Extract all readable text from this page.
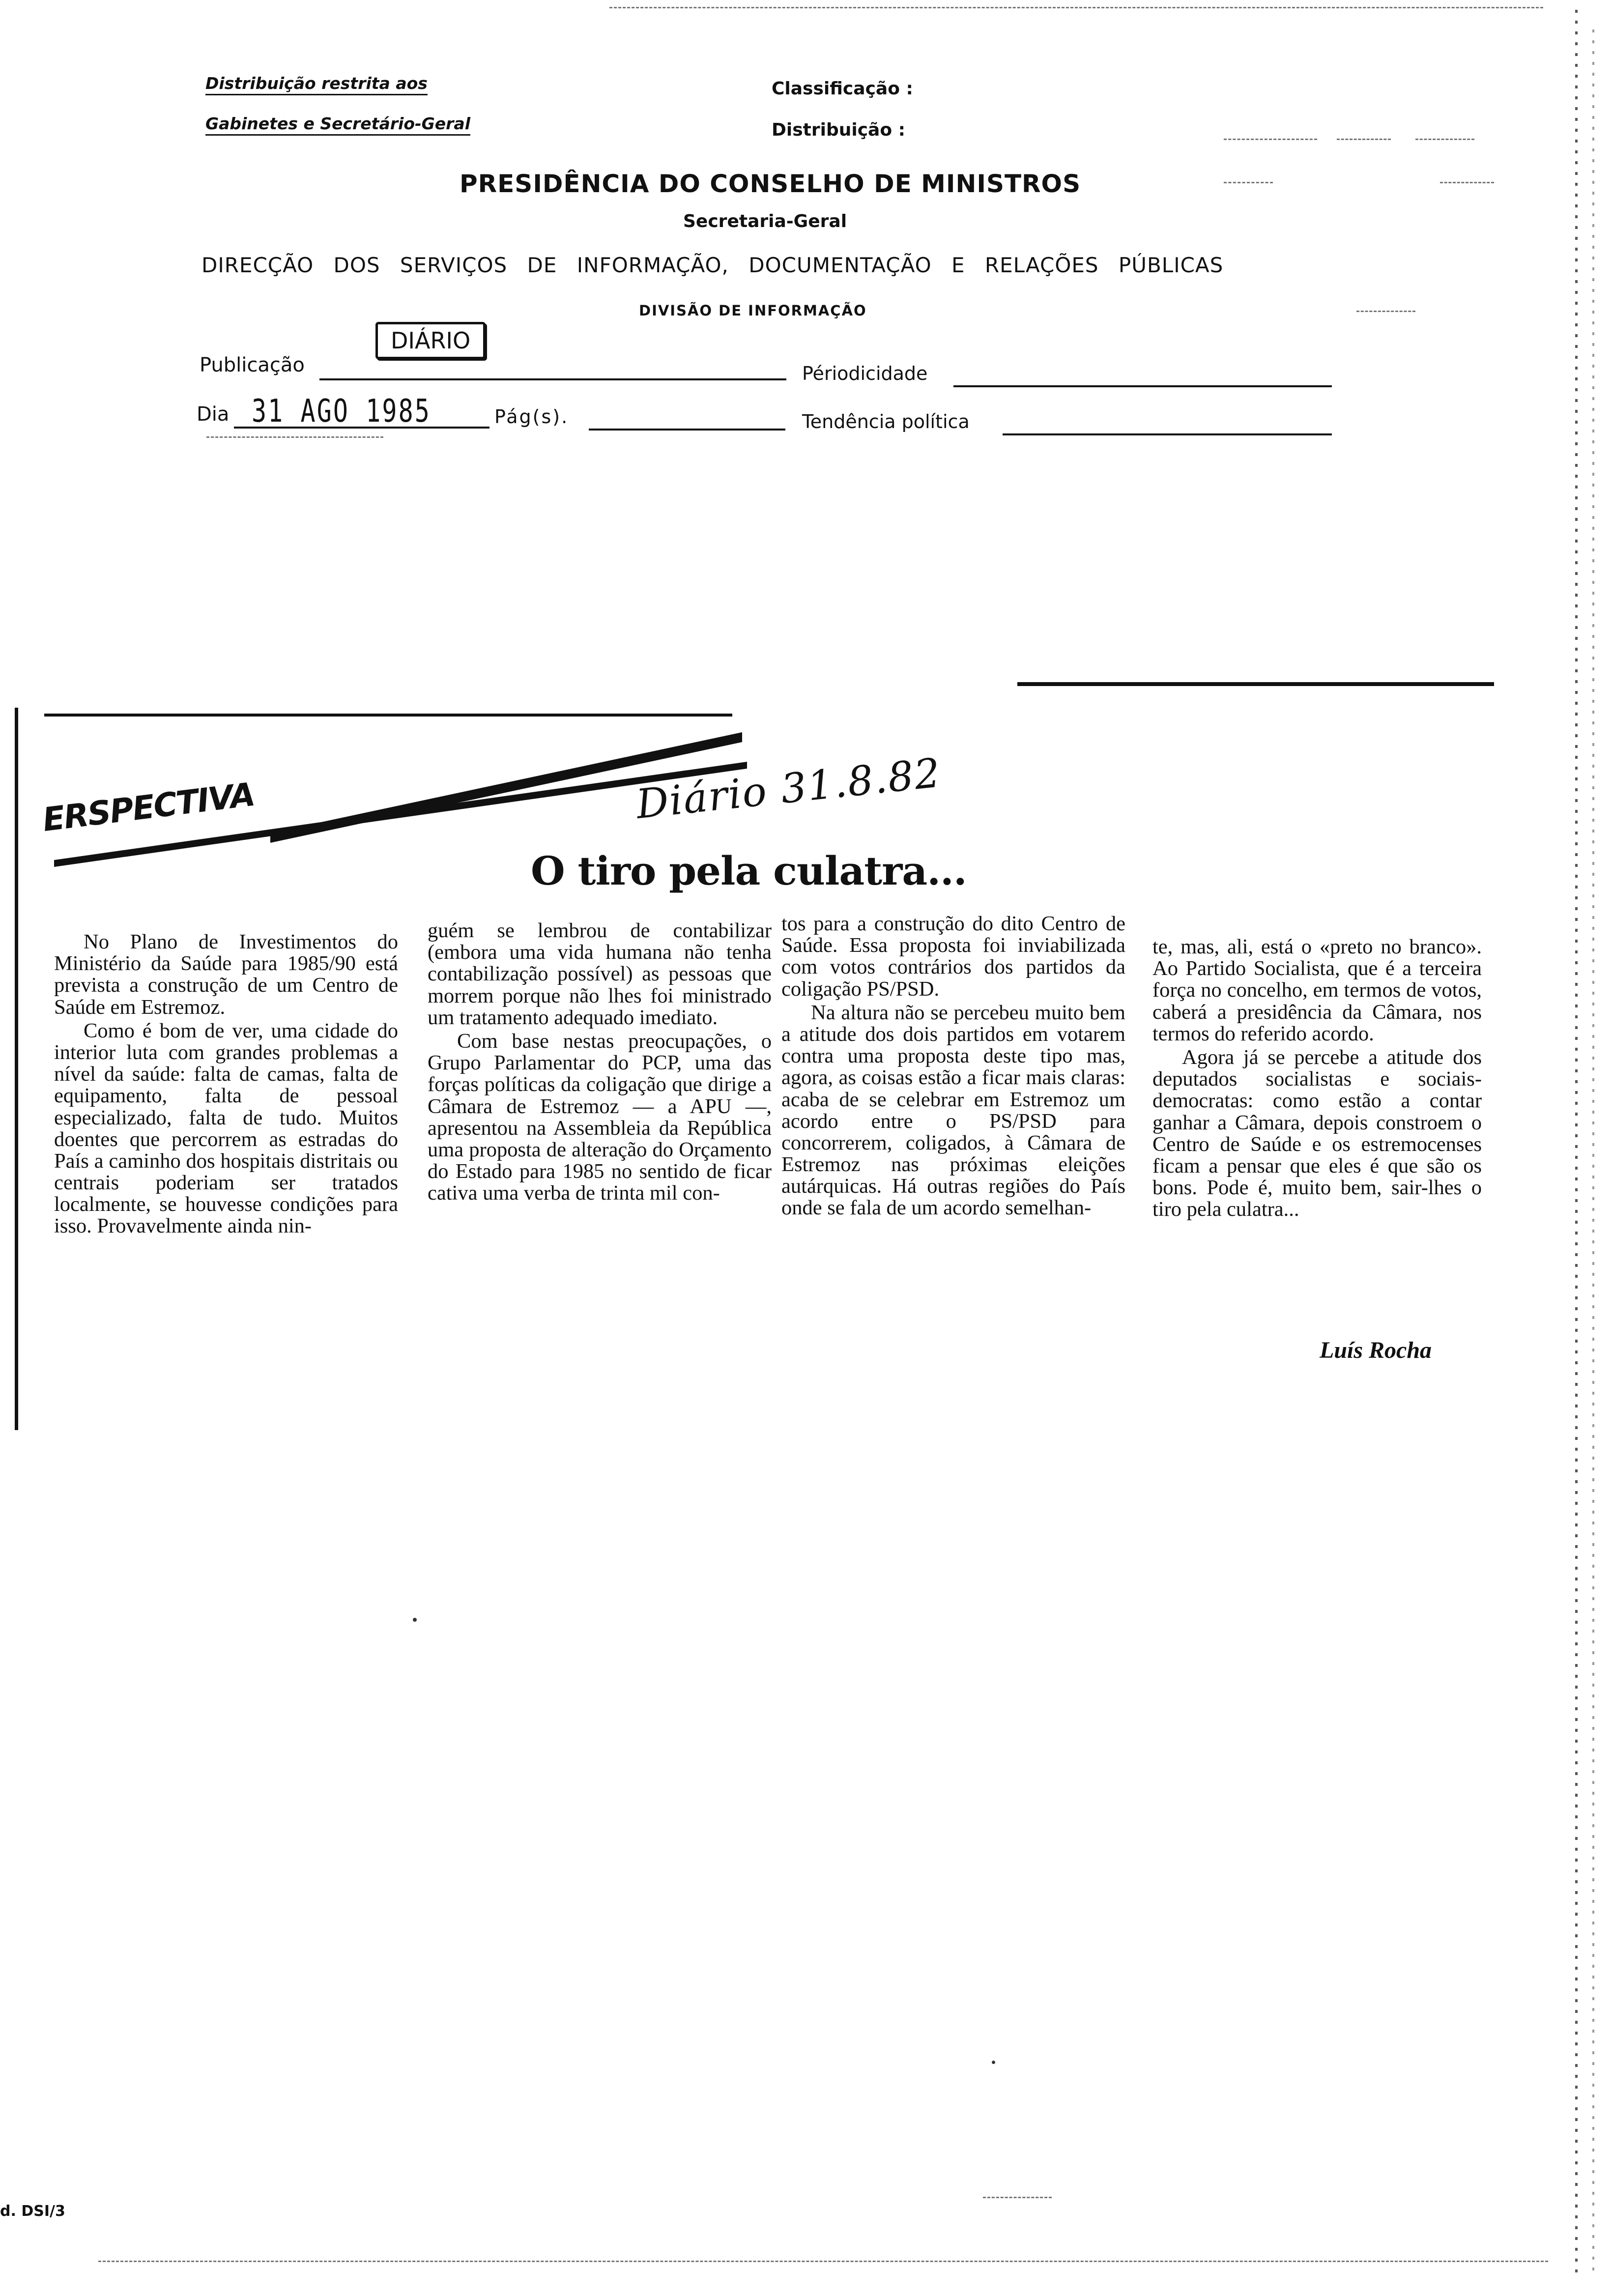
Distribuição restrita aos
Gabinetes e Secretário-Geral
Classificação :
Distribuição :
PRESIDÊNCIA DO CONSELHO DE MINISTROS
Secretaria-Geral
DIRECÇÃO DOS SERVIÇOS DE INFORMAÇÃO, DOCUMENTAÇÃO E RELAÇÕES PÚBLICAS
DIVISÃO DE INFORMAÇÃO
Publicação
DIÁRIO
Périodicidade
Dia 31 AGO 1985	Pág(s).	Tendência política
ERSPECTIVA	Diário 31.8.82
O tiro pela culatra...

No Plano de Investimentos do Ministério da Saúde para 1985/90 está prevista a construção de um Centro de Saúde em Estremoz.

Como é bom de ver, uma cidade do interior luta com grandes problemas a nível da saúde: falta de camas, falta de equipamento, falta de pessoal especializado, falta de tudo. Muitos doentes que percorrem as estradas do País a caminho dos hospitais distritais ou centrais poderiam ser tratados localmente, se houvesse condições para isso. Provavelmente ainda nin-

guém se lembrou de contabilizar (embora uma vida humana não tenha contabilização possível) as pessoas que morrem porque não lhes foi ministrado um tratamento adequado imediato.

Com base nestas preocupações, o Grupo Parlamentar do PCP, uma das forças políticas da coligação que dirige a Câmara de Estremoz — a APU —, apresentou na Assembleia da República uma proposta de alteração do Orçamento do Estado para 1985 no sentido de ficar cativa uma verba de trinta mil con-

tos para a construção do dito Centro de Saúde. Essa proposta foi inviabilizada com votos contrários dos partidos da coligação PS/PSD.

Na altura não se percebeu muito bem a atitude dos dois partidos em votarem contra uma proposta deste tipo mas, agora, as coisas estão a ficar mais claras: acaba de se celebrar em Estremoz um acordo entre o PS/PSD para concorrerem, coligados, à Câmara de Estremoz nas próximas eleições autárquicas. Há outras regiões do País onde se fala de um acordo semelhan-

te, mas, ali, está o «preto no branco». Ao Partido Socialista, que é a terceira força no concelho, em termos de votos, caberá a presidência da Câmara, nos termos do referido acordo.

Agora já se percebe a atitude dos deputados socialistas e sociais-democratas: como estão a contar ganhar a Câmara, depois constroem o Centro de Saúde e os estremocenses ficam a pensar que eles é que são os bons. Pode é, muito bem, sair-lhes o tiro pela culatra...

Luís Rocha
d. DSI/3
